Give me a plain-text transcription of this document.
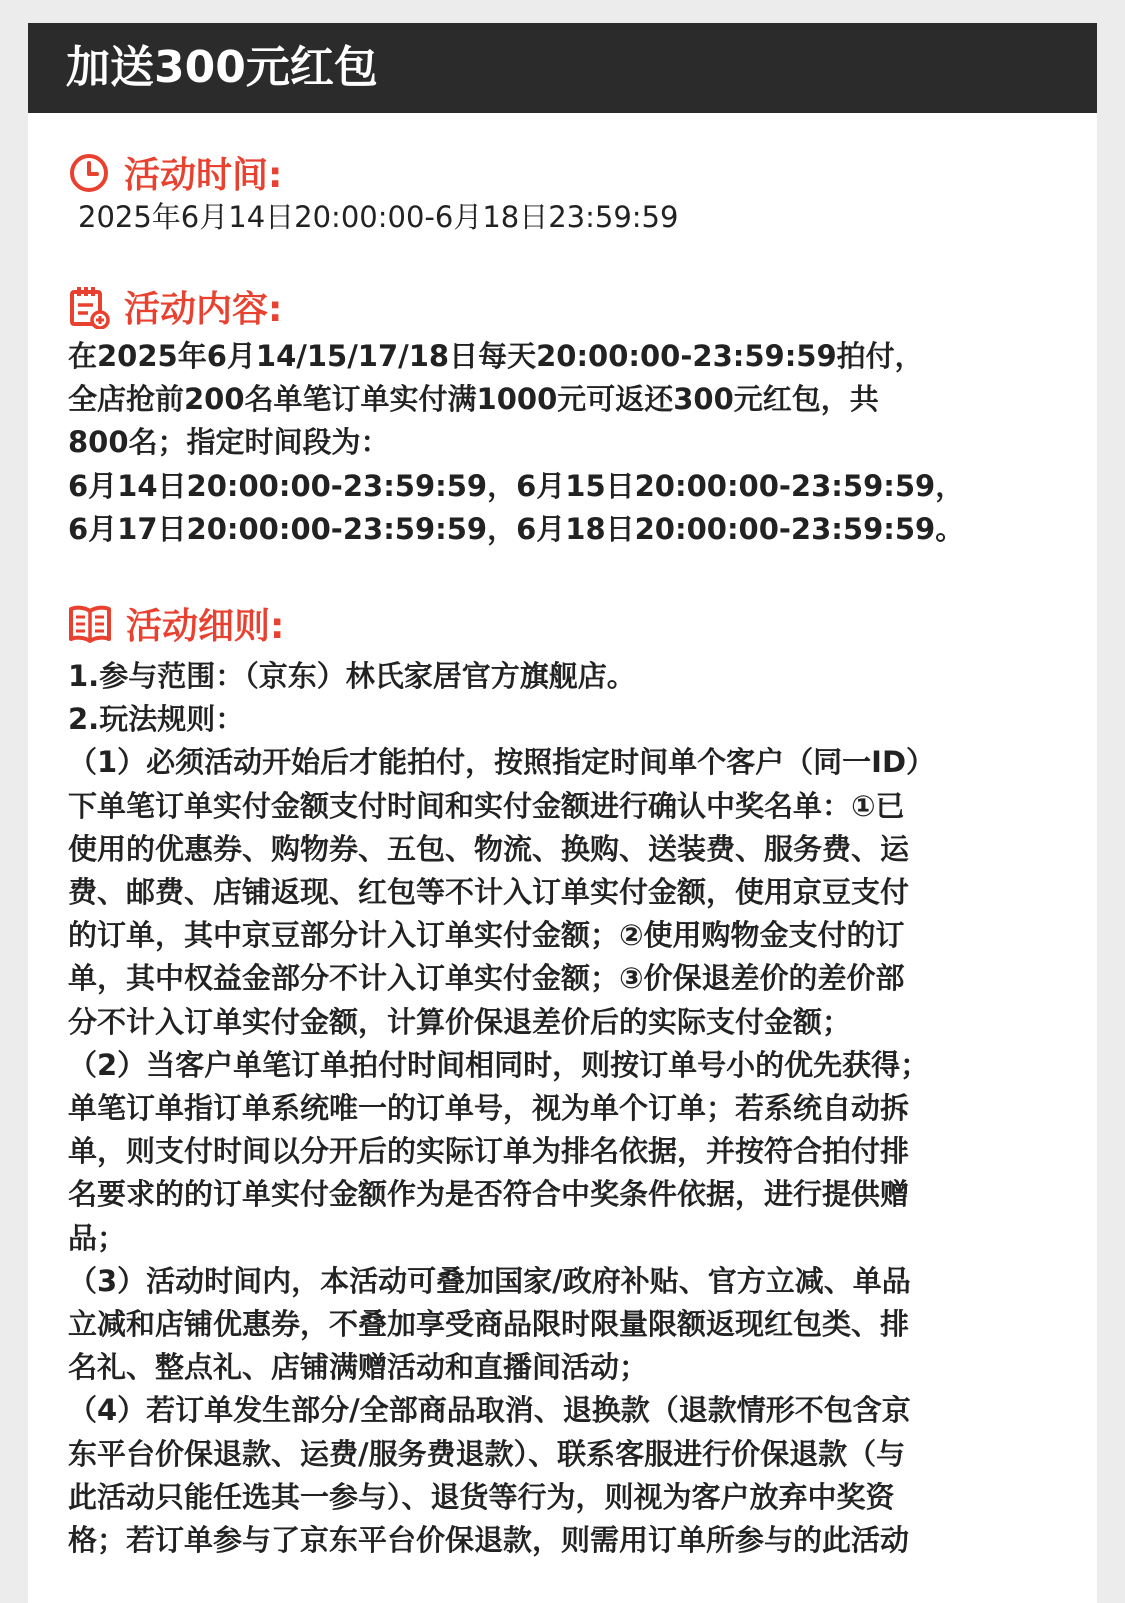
加送300元红包
活动时间:
2025年6月14日20:00:00-6月18日23:59:59
活动内容:

在2025年6月14/15/17/18日每天20:00:00-23:59:59拍付，

全店抢前200名单笔订单实付满1000元可返还300元红包，共

800名；指定时间段为：

6月14日20:00:00-23:59:59，6月15日20:00:00-23:59:59，

6月17日20:00:00-23:59:59，6月18日20:00:00-23:59:59。

活动细则:

1.参与范围：（京东）林氏家居官方旗舰店。

2.玩法规则：

（1）必须活动开始后才能拍付，按照指定时间单个客户（同一ID）

下单笔订单实付金额支付时间和实付金额进行确认中奖名单：①已

使用的优惠券、购物券、五包、物流、换购、送装费、服务费、运

费、邮费、店铺返现、红包等不计入订单实付金额，使用京豆支付

的订单，其中京豆部分计入订单实付金额；②使用购物金支付的订

单，其中权益金部分不计入订单实付金额；③价保退差价的差价部

分不计入订单实付金额，计算价保退差价后的实际支付金额；

（2）当客户单笔订单拍付时间相同时，则按订单号小的优先获得；

单笔订单指订单系统唯一的订单号，视为单个订单；若系统自动拆

单，则支付时间以分开后的实际订单为排名依据，并按符合拍付排

名要求的的订单实付金额作为是否符合中奖条件依据，进行提供赠

品；

（3）活动时间内，本活动可叠加国家/政府补贴、官方立减、单品

立减和店铺优惠券，不叠加享受商品限时限量限额返现红包类、排

名礼、整点礼、店铺满赠活动和直播间活动；

（4）若订单发生部分/全部商品取消、退换款（退款情形不包含京

东平台价保退款、运费/服务费退款）、联系客服进行价保退款（与

此活动只能任选其一参与）、退货等行为，则视为客户放弃中奖资

格；若订单参与了京东平台价保退款，则需用订单所参与的此活动
